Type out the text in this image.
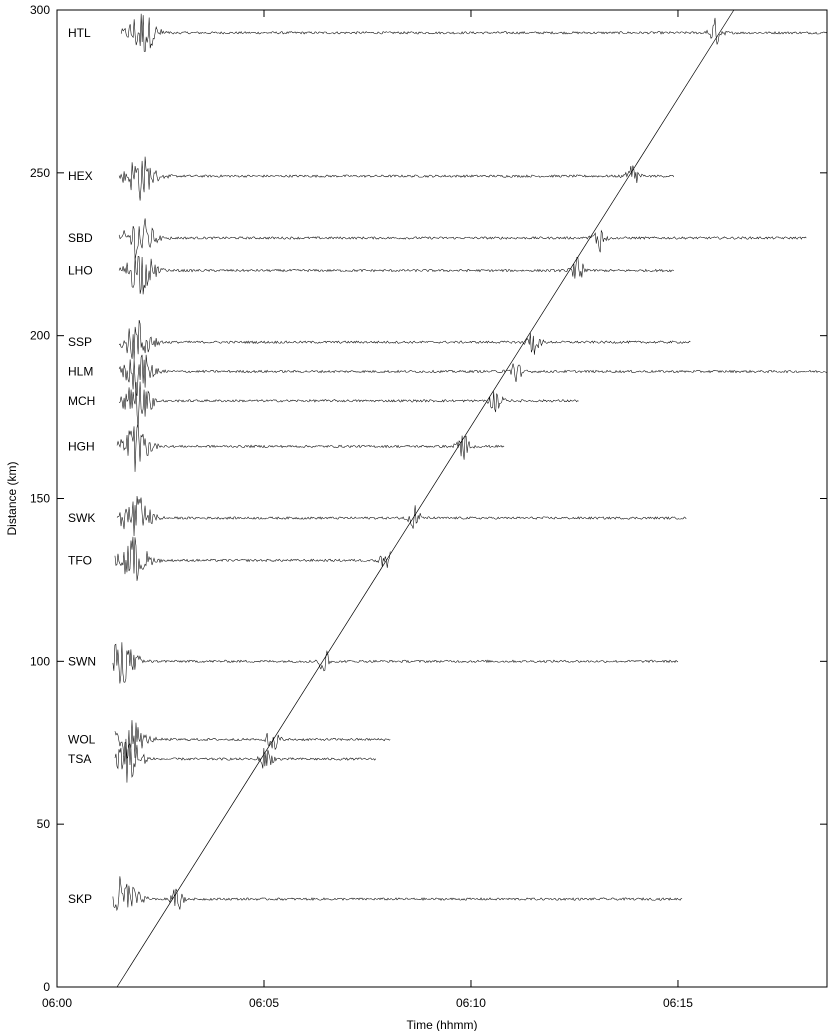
0
50
100
150
200
250
300
06:00	06:05	06:10	06:15
Time (hhmm)
Distance (km)
HTL
HEX
SBD
LHO
SSP
HLM
MCH
HGH
SWK
TFO
SWN
WOL
TSA
SKP
